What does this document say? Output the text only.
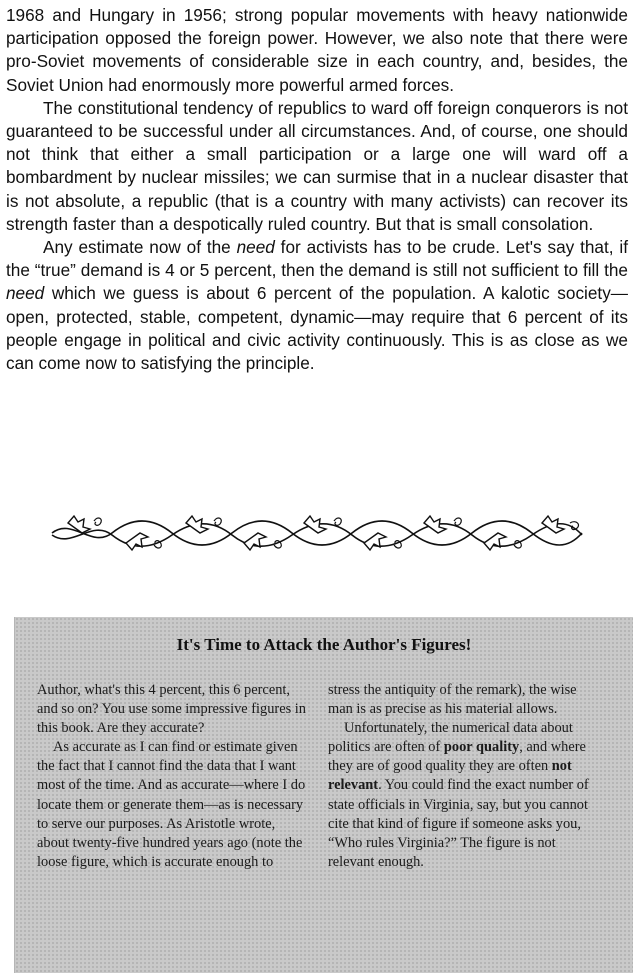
1968 and Hungary in 1956; strong popular movements with heavy nationwide participation opposed the foreign power. However, we also note that there were pro-Soviet movements of considerable size in each country, and, besides, the Soviet Union had enormously more powerful armed forces.

The constitutional tendency of republics to ward off foreign conquerors is not guaranteed to be successful under all circumstances. And, of course, one should not think that either a small participation or a large one will ward off a bombardment by nuclear missiles; we can surmise that in a nuclear disaster that is not absolute, a republic (that is a country with many activists) can recover its strength faster than a despotically ruled country. But that is small consolation.

Any estimate now of the need for activists has to be crude. Let's say that, if the “true” demand is 4 or 5 percent, then the demand is still not sufficient to fill the need which we guess is about 6 percent of the population. A kalotic society—open, protected, stable, competent, dynamic—may require that 6 percent of its people engage in political and civic activity continuously. This is as close as we can come now to satisfying the principle.

It's Time to Attack the Author's Figures!

Author, what's this 4 percent, this 6 percent, and so on? You use some impressive figures in this book. Are they accurate?

As accurate as I can find or estimate given the fact that I cannot find the data that I want most of the time. And as accurate—where I do locate them or generate them—as is necessary to serve our purposes. As Aristotle wrote, about twenty-five hundred years ago (note the loose figure, which is accurate enough to

stress the antiquity of the remark), the wise man is as precise as his material allows.

Unfortunately, the numerical data about politics are often of poor quality, and where they are of good quality they are often not relevant. You could find the exact number of state officials in Virginia, say, but you cannot cite that kind of figure if someone asks you, “Who rules Virginia?” The figure is not relevant enough.
